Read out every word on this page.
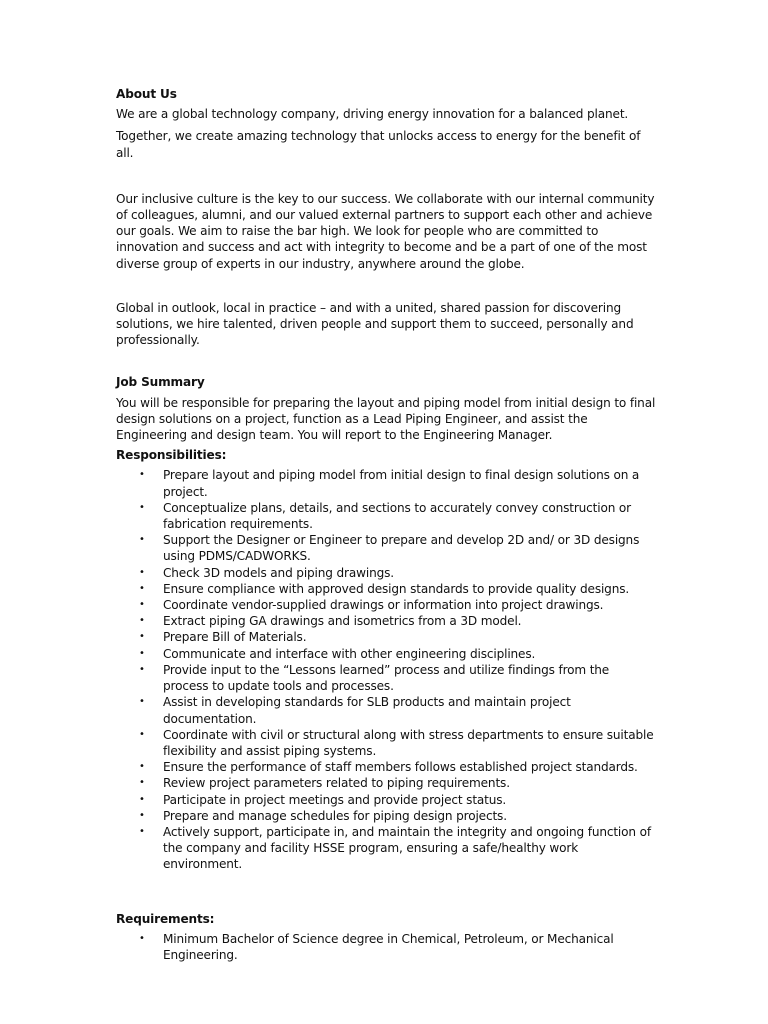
About Us

We are a global technology company, driving energy innovation for a balanced planet.

Together, we create amazing technology that unlocks access to energy for the benefit of all.

Our inclusive culture is the key to our success. We collaborate with our internal community of colleagues, alumni, and our valued external partners to support each other and achieve our goals. We aim to raise the bar high. We look for people who are committed to innovation and success and act with integrity to become and be a part of one of the most diverse group of experts in our industry, anywhere around the globe.

Global in outlook, local in practice – and with a united, shared passion for discovering solutions, we hire talented, driven people and support them to succeed, personally and professionally.

Job Summary

You will be responsible for preparing the layout and piping model from initial design to final design solutions on a project, function as a Lead Piping Engineer, and assist the Engineering and design team. You will report to the Engineering Manager.

Responsibilities:

• Prepare layout and piping model from initial design to final design solutions on a project.
• Conceptualize plans, details, and sections to accurately convey construction or fabrication requirements.
• Support the Designer or Engineer to prepare and develop 2D and/ or 3D designs using PDMS/CADWORKS.
• Check 3D models and piping drawings.
• Ensure compliance with approved design standards to provide quality designs.
• Coordinate vendor-supplied drawings or information into project drawings.
• Extract piping GA drawings and isometrics from a 3D model.
• Prepare Bill of Materials.
• Communicate and interface with other engineering disciplines.
• Provide input to the “Lessons learned” process and utilize findings from the process to update tools and processes.
• Assist in developing standards for SLB products and maintain project documentation.
• Coordinate with civil or structural along with stress departments to ensure suitable flexibility and assist piping systems.
• Ensure the performance of staff members follows established project standards.
• Review project parameters related to piping requirements.
• Participate in project meetings and provide project status.
• Prepare and manage schedules for piping design projects.
• Actively support, participate in, and maintain the integrity and ongoing function of the company and facility HSSE program, ensuring a safe/healthy work environment.

Requirements:

• Minimum Bachelor of Science degree in Chemical, Petroleum, or Mechanical Engineering.
